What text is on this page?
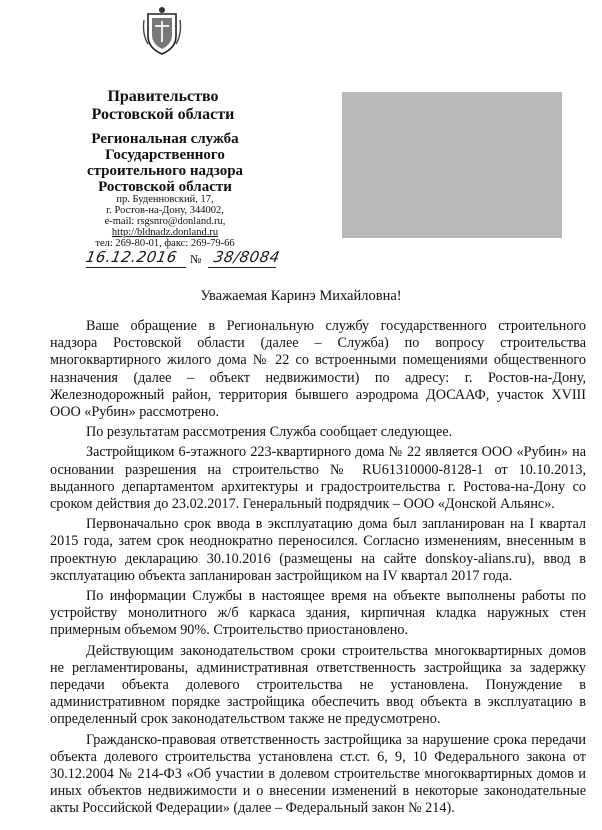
Правительство
Ростовской области
Региональная служба
Государственного
строительного надзора
Ростовской области
пр. Буденновский, 17,
г. Ростов-на-Дону, 344002,
e-mail: rsgsnro@donland.ru,
http://bldnadz.donland.ru
тел: 269-80-01, факс: 269-79-66
16.12.2016 № 38/8084
Уважаемая Каринэ Михайловна!

Ваше обращение в Региональную службу государственного строительного надзора Ростовской области (далее – Служба) по вопросу строительства многоквартирного жилого дома № 22 со встроенными помещениями общественного назначения (далее – объект недвижимости) по адресу: г. Ростов-на-Дону, Железнодорожный район, территория бывшего аэродрома ДОСААФ, участок XVIII ООО «Рубин» рассмотрено.

По результатам рассмотрения Служба сообщает следующее.

Застройщиком 6-этажного 223-квартирного дома № 22 является ООО «Рубин» на основании разрешения на строительство № RU61310000-8128-1 от 10.10.2013, выданного департаментом архитектуры и градостроительства г. Ростова-на-Дону со сроком действия до 23.02.2017. Генеральный подрядчик – ООО «Донской Альянс».

Первоначально срок ввода в эксплуатацию дома был запланирован на I квартал 2015 года, затем срок неоднократно переносился. Согласно изменениям, внесенным в проектную декларацию 30.10.2016 (размещены на сайте donskoy-alians.ru), ввод в эксплуатацию объекта запланирован застройщиком на IV квартал 2017 года.

По информации Службы в настоящее время на объекте выполнены работы по устройству монолитного ж/б каркаса здания, кирпичная кладка наружных стен примерным объемом 90%. Строительство приостановлено.

Действующим законодательством сроки строительства многоквартирных домов не регламентированы, административная ответственность застройщика за задержку передачи объекта долевого строительства не установлена. Понуждение в административном порядке застройщика обеспечить ввод объекта в эксплуатацию в определенный срок законодательством также не предусмотрено.

Гражданско-правовая ответственность застройщика за нарушение срока передачи объекта долевого строительства установлена ст.ст. 6, 9, 10 Федерального закона от 30.12.2004 № 214-ФЗ «Об участии в долевом строительстве многоквартирных домов и иных объектов недвижимости и о внесении изменений в некоторые законодательные акты Российской Федерации» (далее – Федеральный закон № 214).
